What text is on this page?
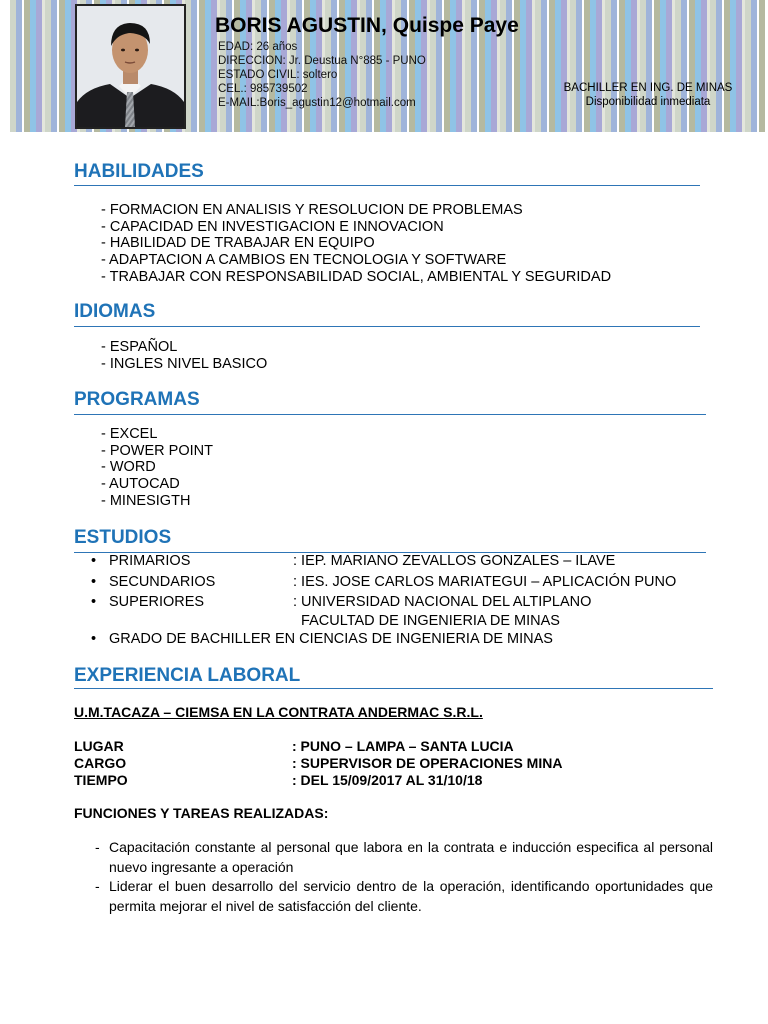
BORIS AGUSTIN, Quispe Paye
EDAD: 26 años
DIRECCION: Jr. Deustua N°885 - PUNO
ESTADO CIVIL: soltero
CEL.: 985739502
E-MAIL:Boris_agustin12@hotmail.com
BACHILLER EN ING. DE MINAS
Disponibilidad inmediata
HABILIDADES
- FORMACION EN ANALISIS Y RESOLUCION DE PROBLEMAS
- CAPACIDAD EN INVESTIGACION E INNOVACION
- HABILIDAD DE TRABAJAR EN EQUIPO
- ADAPTACION A CAMBIOS EN TECNOLOGIA Y SOFTWARE
- TRABAJAR CON RESPONSABILIDAD SOCIAL, AMBIENTAL Y SEGURIDAD
IDIOMAS
- ESPAÑOL
- INGLES NIVEL BASICO
PROGRAMAS
- EXCEL
- POWER POINT
- WORD
- AUTOCAD
- MINESIGTH
ESTUDIOS
• PRIMARIOS	: IEP. MARIANO ZEVALLOS GONZALES – ILAVE
• SECUNDARIOS	: IES. JOSE CARLOS MARIATEGUI – APLICACIÓN PUNO
• SUPERIORES	: UNIVERSIDAD NACIONAL DEL ALTIPLANO
FACULTAD DE INGENIERIA DE MINAS
• GRADO DE BACHILLER EN CIENCIAS DE INGENIERIA DE MINAS
EXPERIENCIA LABORAL
U.M.TACAZA – CIEMSA EN LA CONTRATA ANDERMAC S.R.L.
LUGAR	: PUNO – LAMPA – SANTA LUCIA
CARGO	: SUPERVISOR DE OPERACIONES MINA
TIEMPO	: DEL 15/09/2017 AL 31/10/18
FUNCIONES Y TAREAS REALIZADAS:
- Capacitación constante al personal que labora en la contrata e inducción especifica al personal nuevo ingresante a operación
- Liderar el buen desarrollo del servicio dentro de la operación, identificando oportunidades que permita mejorar el nivel de satisfacción del cliente.
